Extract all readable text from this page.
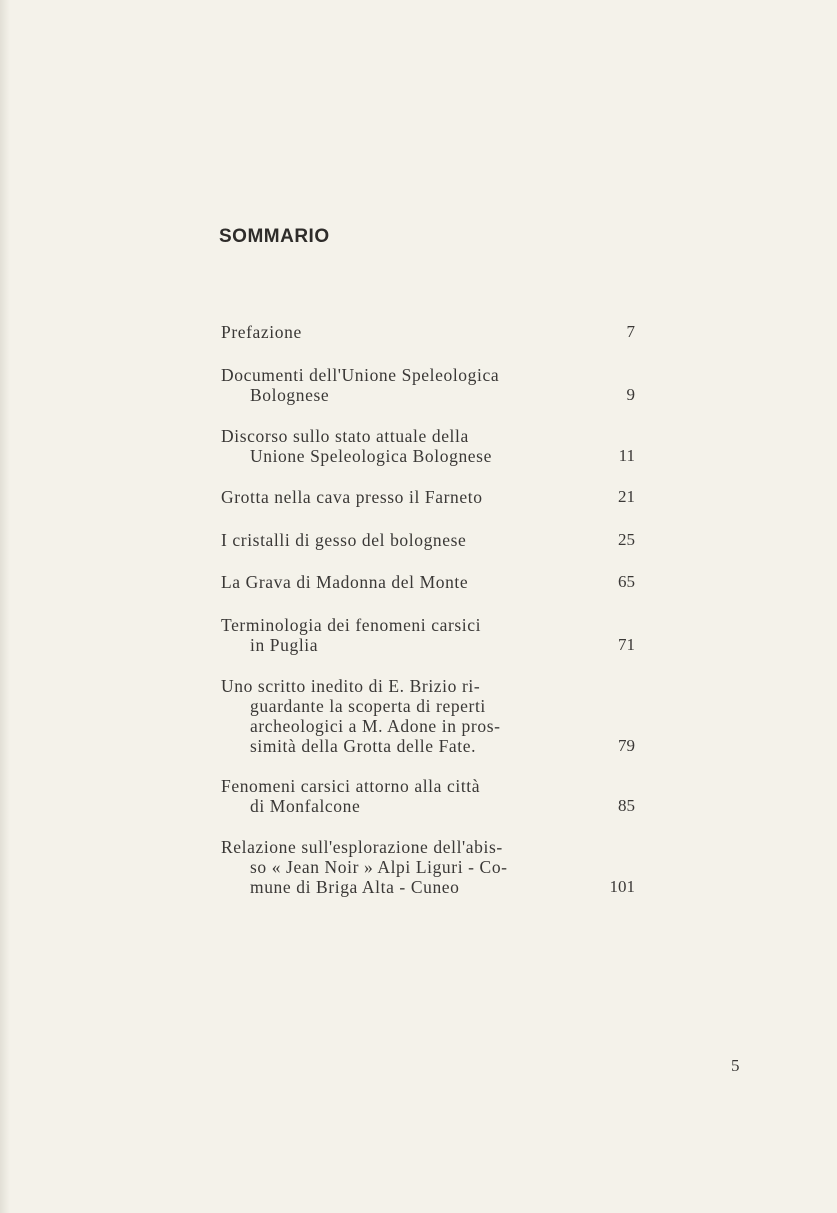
SOMMARIO
Prefazione	7
Documenti dell'Unione Speleologica
Bolognese	9
Discorso sullo stato attuale della
Unione Speleologica Bolognese	11
Grotta nella cava presso il Farneto	21
I cristalli di gesso del bolognese	25
La Grava di Madonna del Monte	65
Terminologia dei fenomeni carsici
in Puglia	71
Uno scritto inedito di E. Brizio ri-
guardante la scoperta di reperti
archeologici a M. Adone in pros-
simità della Grotta delle Fate.	79
Fenomeni carsici attorno alla città
di Monfalcone	85
Relazione sull'esplorazione dell'abis-
so « Jean Noir » Alpi Liguri - Co-
mune di Briga Alta - Cuneo	101
5
